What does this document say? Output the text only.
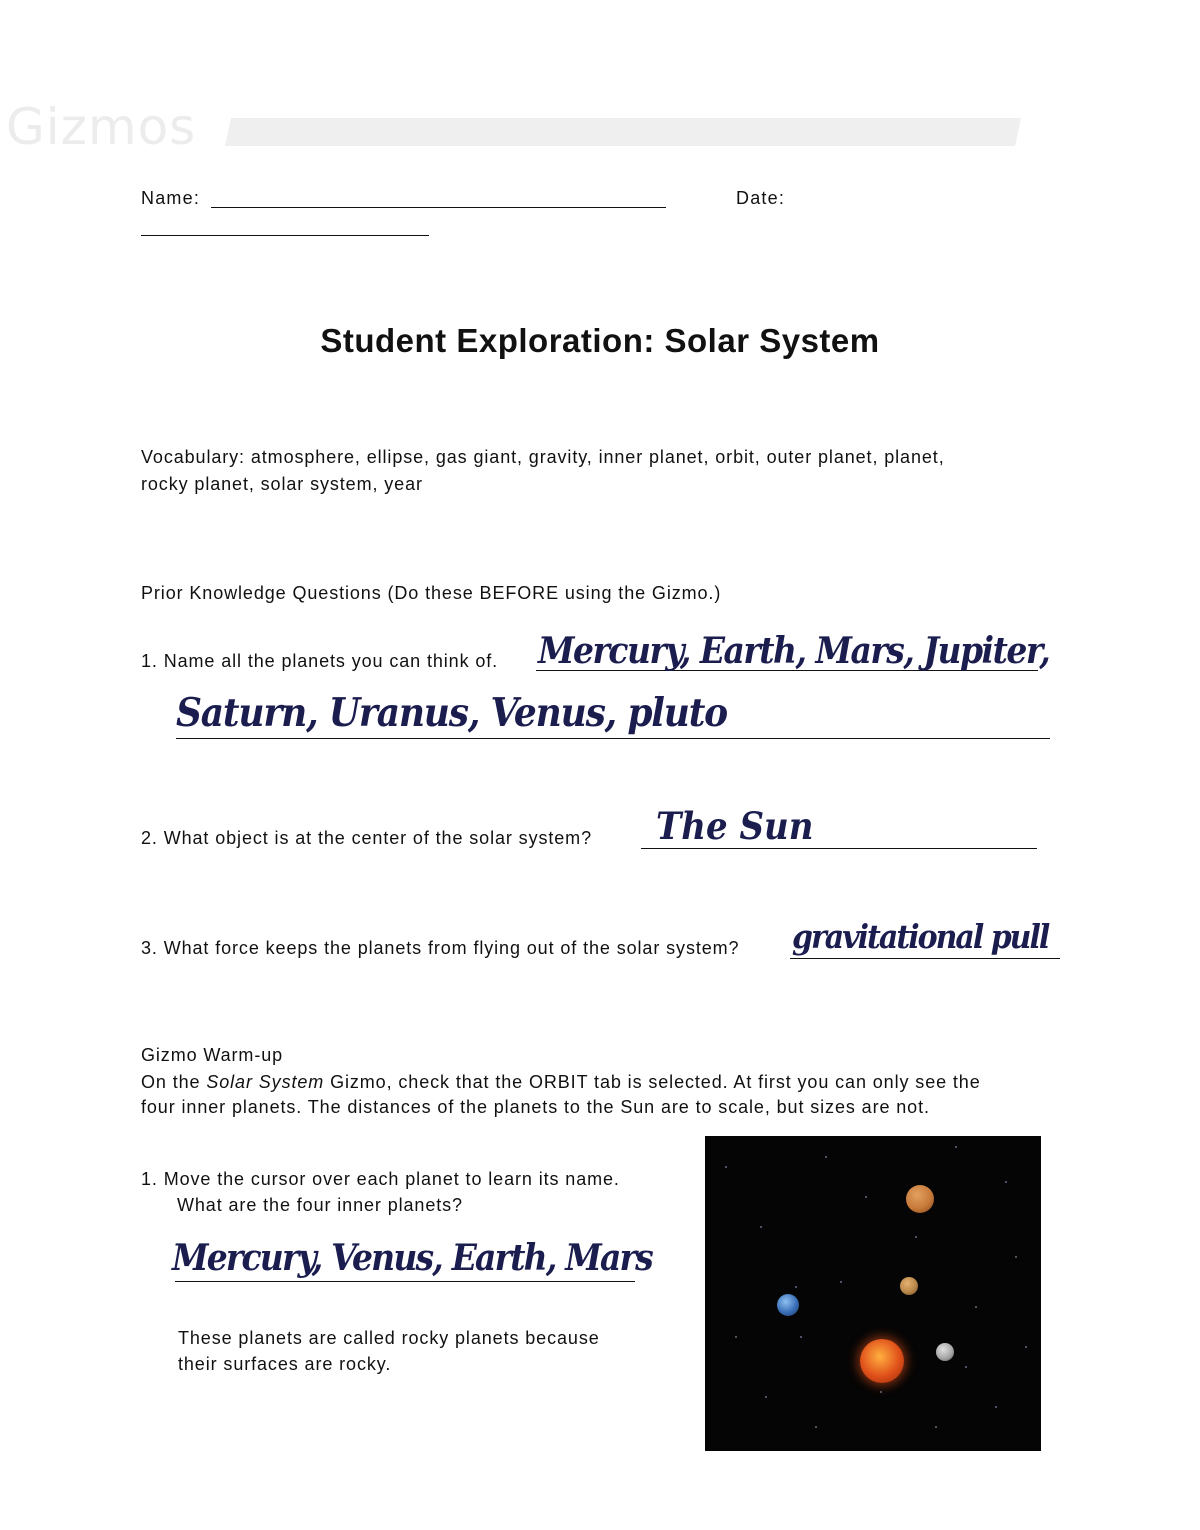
Gizmos
Name:	Date:
Student Exploration: Solar System
Vocabulary: atmosphere, ellipse, gas giant, gravity, inner planet, orbit, outer planet, planet,
rocky planet, solar system, year
Prior Knowledge Questions (Do these BEFORE using the Gizmo.)
1. Name all the planets you can think of. Mercury, Earth, Mars, Jupiter,
Saturn, Uranus, Venus, pluto
2. What object is at the center of the solar system? The Sun
3. What force keeps the planets from flying out of the solar system? gravitational pull
Gizmo Warm-up
On the Solar System Gizmo, check that the ORBIT tab is selected. At first you can only see the
four inner planets. The distances of the planets to the Sun are to scale, but sizes are not.
1. Move the cursor over each planet to learn its name.
What are the four inner planets?
Mercury, Venus, Earth, Mars
These planets are called rocky planets because
their surfaces are rocky.
